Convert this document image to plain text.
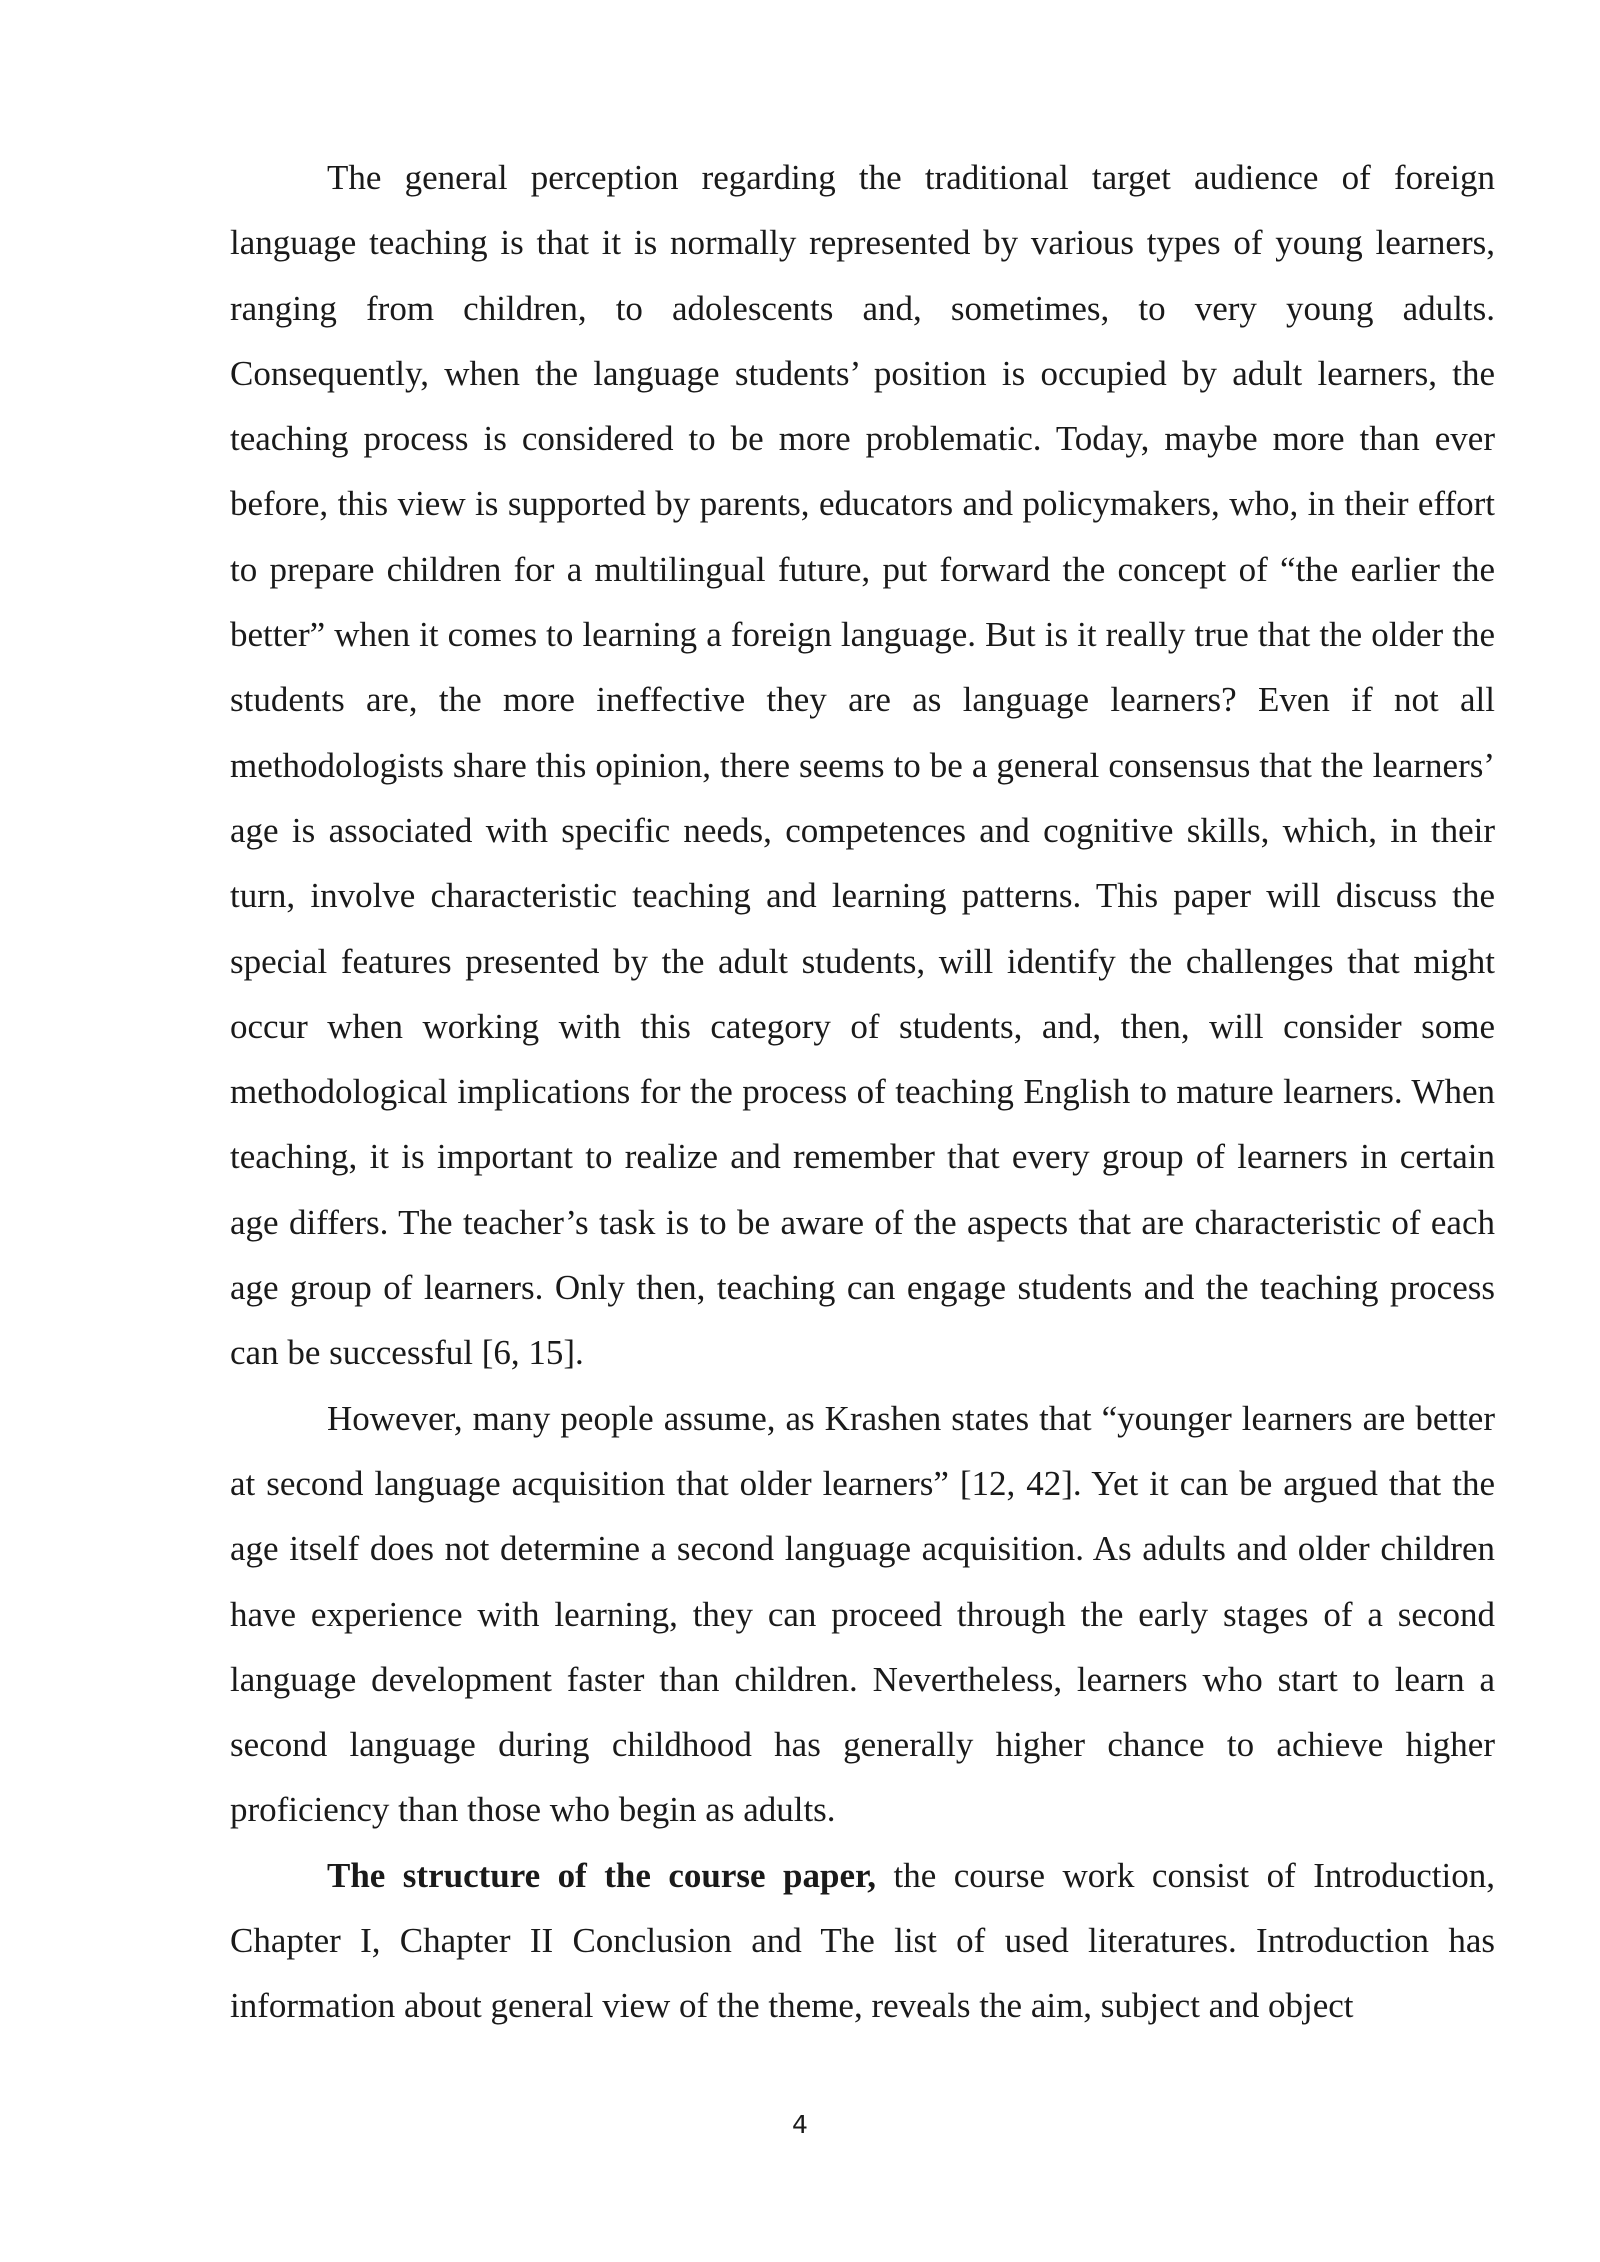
The general perception regarding the traditional target audience of foreign language teaching is that it is normally represented by various types of young learners, ranging from children, to adolescents and, sometimes, to very young adults. Consequently, when the language students’ position is occupied by adult learners, the teaching process is considered to be more problematic. Today, maybe more than ever before, this view is supported by parents, educators and policymakers, who, in their effort to prepare children for a multilingual future, put forward the concept of “the earlier the better” when it comes to learning a foreign language. But is it really true that the older the students are, the more ineffective they are as language learners? Even if not all methodologists share this opinion, there seems to be a general consensus that the learners’ age is associated with specific needs, competences and cognitive skills, which, in their turn, involve characteristic teaching and learning patterns. This paper will discuss the special features presented by the adult students, will identify the challenges that might occur when working with this category of students, and, then, will consider some methodological implications for the process of teaching English to mature learners. When teaching, it is important to realize and remember that every group of learners in certain age differs. The teacher’s task is to be aware of the aspects that are characteristic of each age group of learners. Only then, teaching can engage students and the teaching process can be successful [6, 15].

However, many people assume, as Krashen states that “younger learners are better at second language acquisition that older learners” [12, 42]. Yet it can be argued that the age itself does not determine a second language acquisition. As adults and older children have experience with learning, they can proceed through the early stages of a second language development faster than children. Nevertheless, learners who start to learn a second language during childhood has generally higher chance to achieve higher proficiency than those who begin as adults.

The structure of the course paper, the course work consist of Introduction, Chapter I, Chapter II Conclusion and The list of used literatures. Introduction has information about general view of the theme, reveals the aim, subject and object

4
